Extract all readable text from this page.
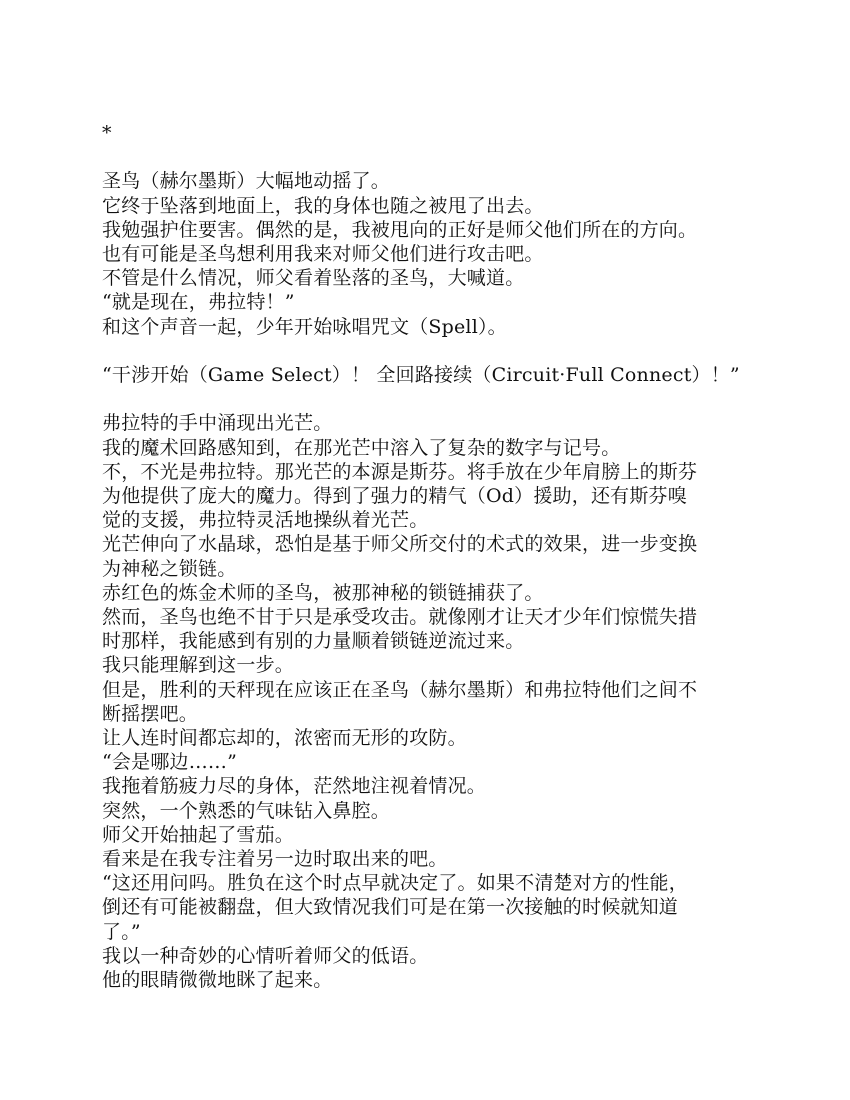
*
圣鸟（赫尔墨斯）大幅地动摇了。
它终于坠落到地面上，我的身体也随之被甩了出去。
我勉强护住要害。偶然的是，我被甩向的正好是师父他们所在的方向。
也有可能是圣鸟想利用我来对师父他们进行攻击吧。
不管是什么情况，师父看着坠落的圣鸟，大喊道。
“就是现在，弗拉特！”
和这个声音一起，少年开始咏唱咒文（Spell）。
“干涉开始（Game Select）！ 全回路接续（Circuit·Full Connect）！”
弗拉特的手中涌现出光芒。
我的魔术回路感知到，在那光芒中溶入了复杂的数字与记号。
不，不光是弗拉特。那光芒的本源是斯芬。将手放在少年肩膀上的斯芬
为他提供了庞大的魔力。得到了强力的精气（Od）援助，还有斯芬嗅
觉的支援，弗拉特灵活地操纵着光芒。
光芒伸向了水晶球，恐怕是基于师父所交付的术式的效果，进一步变换
为神秘之锁链。
赤红色的炼金术师的圣鸟，被那神秘的锁链捕获了。
然而，圣鸟也绝不甘于只是承受攻击。就像刚才让天才少年们惊慌失措
时那样，我能感到有别的力量顺着锁链逆流过来。
我只能理解到这一步。
但是，胜利的天秤现在应该正在圣鸟（赫尔墨斯）和弗拉特他们之间不
断摇摆吧。
让人连时间都忘却的，浓密而无形的攻防。
“会是哪边……”
我拖着筋疲力尽的身体，茫然地注视着情况。
突然，一个熟悉的气味钻入鼻腔。
师父开始抽起了雪茄。
看来是在我专注着另一边时取出来的吧。
“这还用问吗。胜负在这个时点早就决定了。如果不清楚对方的性能，
倒还有可能被翻盘，但大致情况我们可是在第一次接触的时候就知道
了。”
我以一种奇妙的心情听着师父的低语。
他的眼睛微微地眯了起来。
